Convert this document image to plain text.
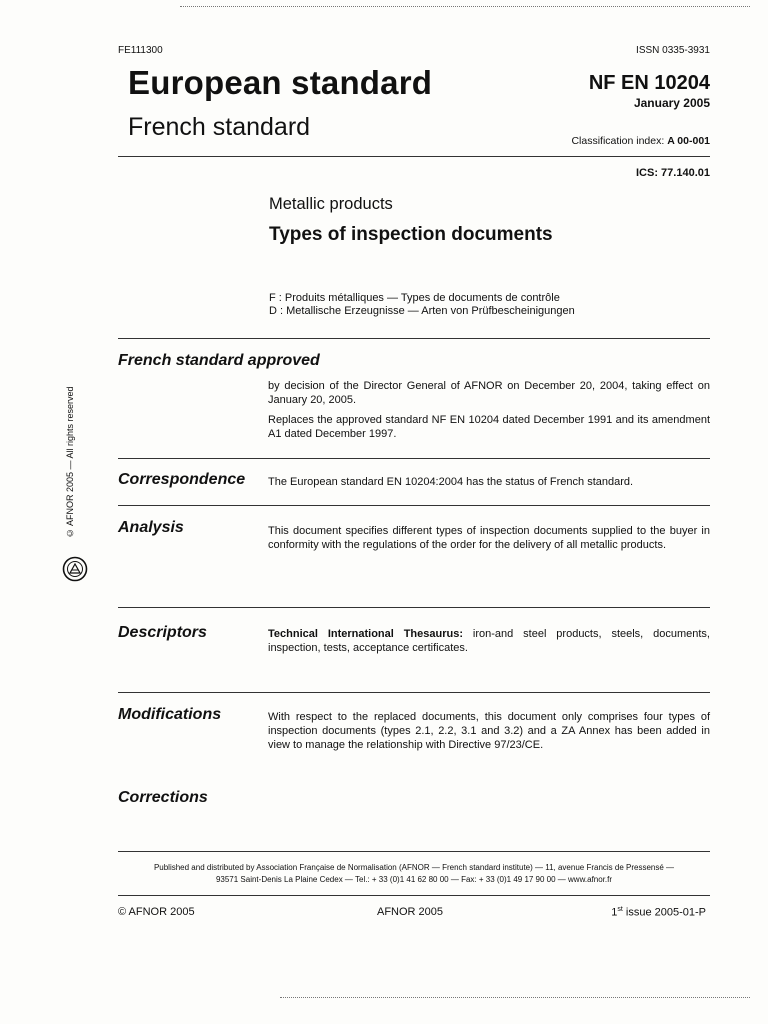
FE111300	ISSN 0335-3931
European standard
French standard
NF EN 10204
January 2005
Classification index: A 00-001
ICS: 77.140.01
Metallic products
Types of inspection documents
F : Produits métalliques — Types de documents de contrôle
D : Metallische Erzeugnisse — Arten von Prüfbescheinigungen
French standard approved
by decision of the Director General of AFNOR on December 20, 2004, taking effect on January 20, 2005.
Replaces the approved standard NF EN 10204 dated December 1991 and its amendment A1 dated December 1997.
Correspondence The European standard EN 10204:2004 has the status of French standard.
Analysis	This document specifies different types of inspection documents supplied to the buyer in conformity with the regulations of the order for the delivery of all metallic products.
Descriptors	Technical International Thesaurus: iron-and steel products, steels, documents, inspection, tests, acceptance certificates.
Modifications	With respect to the replaced documents, this document only comprises four types of inspection documents (types 2.1, 2.2, 3.1 and 3.2) and a ZA Annex has been added in view to manage the relationship with Directive 97/23/CE.
Corrections
© AFNOR 2005 — All rights reserved
Published and distributed by Association Française de Normalisation (AFNOR — French standard institute) — 11, avenue Francis de Pressensé —
93571 Saint-Denis La Plaine Cedex — Tel.: + 33 (0)1 41 62 80 00 — Fax: + 33 (0)1 49 17 90 00 — www.afnor.fr
© AFNOR 2005	AFNOR 2005	1st issue 2005-01-P
